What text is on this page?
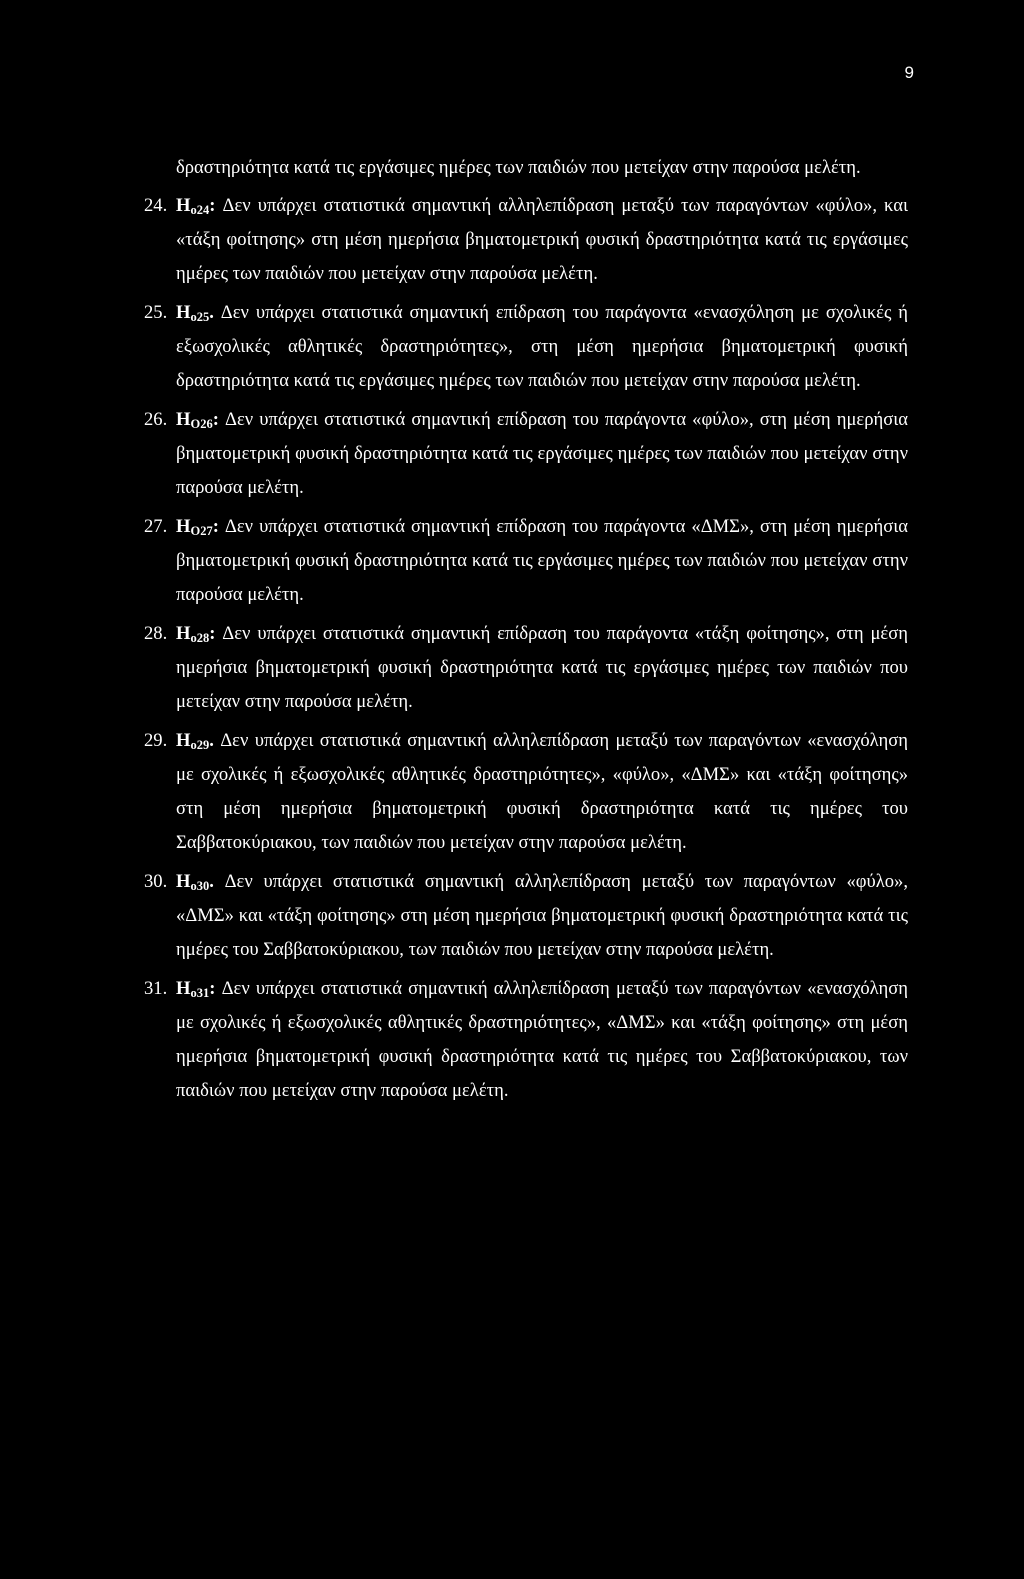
9

δραστηριότητα κατά τις εργάσιμες ημέρες των παιδιών που μετείχαν στην παρούσα μελέτη.

24. $H_{o24}$: Δεν υπάρχει στατιστικά σημαντική αλληλεπίδραση μεταξύ των παραγόντων «φύλο», και «τάξη φοίτησης» στη μέση ημερήσια βηματομετρική φυσική δραστηριότητα κατά τις εργάσιμες ημέρες των παιδιών που μετείχαν στην παρούσα μελέτη.
25. $H_{o25}$. Δεν υπάρχει στατιστικά σημαντική επίδραση του παράγοντα «ενασχόληση με σχολικές ή εξωσχολικές αθλητικές δραστηριότητες», στη μέση ημερήσια βηματομετρική φυσική δραστηριότητα κατά τις εργάσιμες ημέρες των παιδιών που μετείχαν στην παρούσα μελέτη.
26. $H_{O26}$: Δεν υπάρχει στατιστικά σημαντική επίδραση του παράγοντα «φύλο», στη μέση ημερήσια βηματομετρική φυσική δραστηριότητα κατά τις εργάσιμες ημέρες των παιδιών που μετείχαν στην παρούσα μελέτη.
27. $H_{O27}$: Δεν υπάρχει στατιστικά σημαντική επίδραση του παράγοντα «ΔΜΣ», στη μέση ημερήσια βηματομετρική φυσική δραστηριότητα κατά τις εργάσιμες ημέρες των παιδιών που μετείχαν στην παρούσα μελέτη.
28. $H_{o28}$: Δεν υπάρχει στατιστικά σημαντική επίδραση του παράγοντα «τάξη φοίτησης», στη μέση ημερήσια βηματομετρική φυσική δραστηριότητα κατά τις εργάσιμες ημέρες των παιδιών που μετείχαν στην παρούσα μελέτη.
29. $H_{o29}$. Δεν υπάρχει στατιστικά σημαντική αλληλεπίδραση μεταξύ των παραγόντων «ενασχόληση με σχολικές ή εξωσχολικές αθλητικές δραστηριότητες», «φύλο», «ΔΜΣ» και «τάξη φοίτησης» στη μέση ημερήσια βηματομετρική φυσική δραστηριότητα κατά τις ημέρες του Σαββατοκύριακου, των παιδιών που μετείχαν στην παρούσα μελέτη.
30. $H_{o30}$. Δεν υπάρχει στατιστικά σημαντική αλληλεπίδραση μεταξύ των παραγόντων «φύλο», «ΔΜΣ» και «τάξη φοίτησης» στη μέση ημερήσια βηματομετρική φυσική δραστηριότητα κατά τις ημέρες του Σαββατοκύριακου, των παιδιών που μετείχαν στην παρούσα μελέτη.
31. $H_{o31}$: Δεν υπάρχει στατιστικά σημαντική αλληλεπίδραση μεταξύ των παραγόντων «ενασχόληση με σχολικές ή εξωσχολικές αθλητικές δραστηριότητες», «ΔΜΣ» και «τάξη φοίτησης» στη μέση ημερήσια βηματομετρική φυσική δραστηριότητα κατά τις ημέρες του Σαββατοκύριακου, των παιδιών που μετείχαν στην παρούσα μελέτη.
